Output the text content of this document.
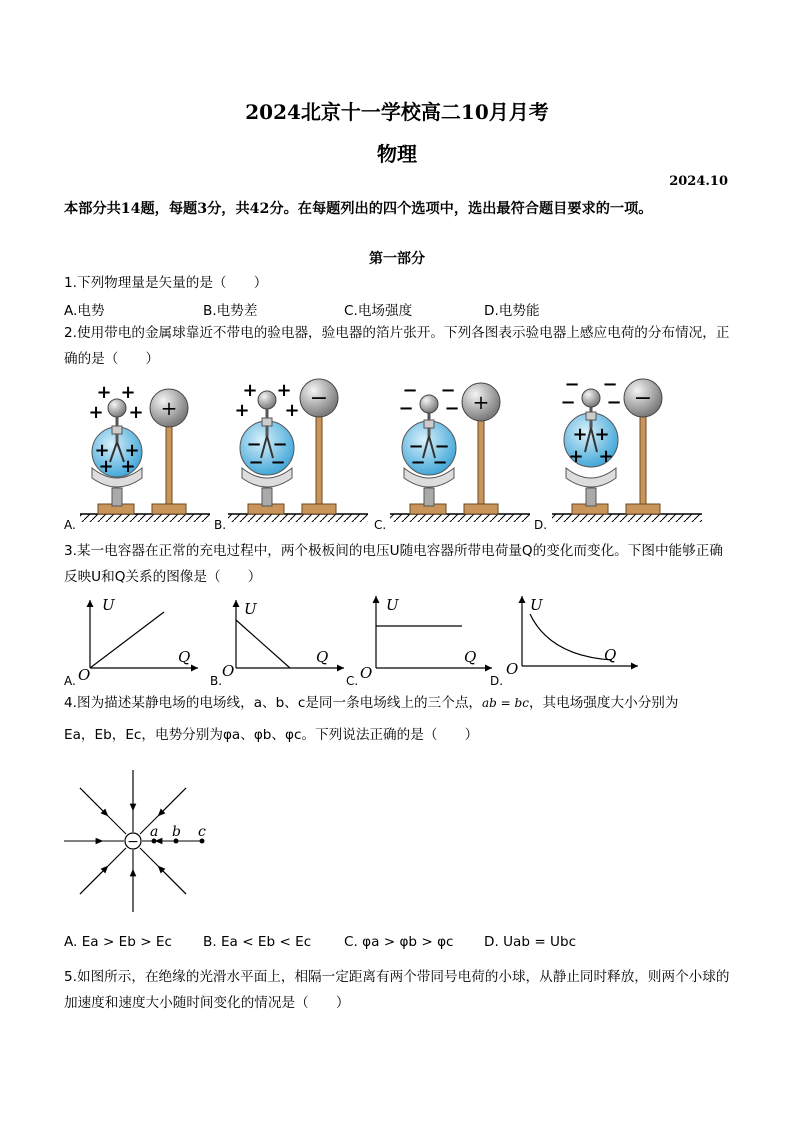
2024北京十一学校高二10月月考
物理
2024.10
本部分共14题，每题3分，共42分。在每题列出的四个选项中，选出最符合题目要求的一项。
第一部分
1.下列物理量是矢量的是（　　）
A.电势	B.电势差	C.电场强度	D.电势能
2.使用带电的金属球靠近不带电的验电器，验电器的箔片张开。下列各图表示验电器上感应电荷的分布情况，正确的是（　　）
+
+ +
+ +
+ +
+ +
−
+ +
+ +
− −
− −
+
− −
− −
− −
− −
−
− −
− −
+ +
+ +
A.	B.	C.	D.
3.某一电容器在正常的充电过程中，两个极板间的电压U随电容器所带电荷量Q的变化而变化。下图中能够正确反映U和Q关系的图像是（　　）
U
Q
O
U
Q
O
U
Q
O
U
Q
O
A.	B.	C.	D.
4.图为描述某静电场的电场线，a、b、c是同一条电场线上的三个点，ab = bc，其电场强度大小分别为
Ea，Eb，Ec，电势分别为φa、φb、φc。下列说法正确的是（　　）
−
a b c
A. Ea > Eb > Ec B. Ea < Eb < Ec C. φa > φb > φc D. Uab = Ubc
5.如图所示，在绝缘的光滑水平面上，相隔一定距离有两个带同号电荷的小球，从静止同时释放，则两个小球的加速度和速度大小随时间变化的情况是（　　）
